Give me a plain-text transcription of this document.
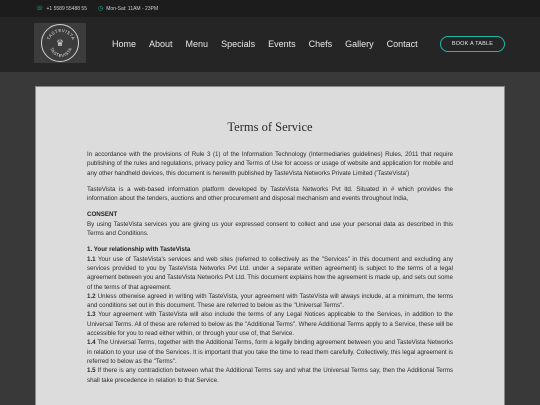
☏ +1 5589 55488 55 ◷ Mon-Sat: 11AM - 23PM
TASTEVISTA
TASTEVISTA
♛	Home About Menu Specials Events Chefs Gallery Contact	BOOK A TABLE
Terms of Service

In accordance with the provisions of Rule 3 (1) of the Information Technology (Intermediaries guidelines) Rules, 2011 that require publishing of the rules and regulations, privacy policy and Terms of Use for access or usage of website and application for mobile and any other handheld devices, this document is herewith published by TasteVista Networks Private Limited ('TasteVista')

TasteVista is a web-based information platform developed by TasteVista Networks Pvt ltd. Situated in # which provides the information about the tenders, auctions and other procurement and disposal mechanism and events throughout India,

CONSENT

By using TasteVista services you are giving us your expressed consent to collect and use your personal data as described in this Terms and Conditions.

1. Your relationship with TasteVista

1.1 Your use of TasteVista's services and web sites (referred to collectively as the "Services" in this document and excluding any services provided to you by TasteVista Networks Pvt Ltd. under a separate written agreement) is subject to the terms of a legal agreement between you and TasteVista Networks Pvt Ltd. This document explains how the agreement is made up, and sets out some of the terms of that agreement.

1.2 Unless otherwise agreed in writing with TasteVista, your agreement with TasteVista will always include, at a minimum, the terms and conditions set out in this document. These are referred to below as the "Universal Terms".

1.3 Your agreement with TasteVista will also include the terms of any Legal Notices applicable to the Services, in addition to the Universal Terms. All of these are referred to below as the "Additional Terms". Where Additional Terms apply to a Service, these will be accessible for you to read either within, or through your use of, that Service.

1.4 The Universal Terms, together with the Additional Terms, form a legally binding agreement between you and TasteVista Networks in relation to your use of the Services. It is important that you take the time to read them carefully. Collectively, this legal agreement is referred to below as the "Terms".

1.5 If there is any contradiction between what the Additional Terms say and what the Universal Terms say, then the Additional Terms shall take precedence in relation to that Service.
